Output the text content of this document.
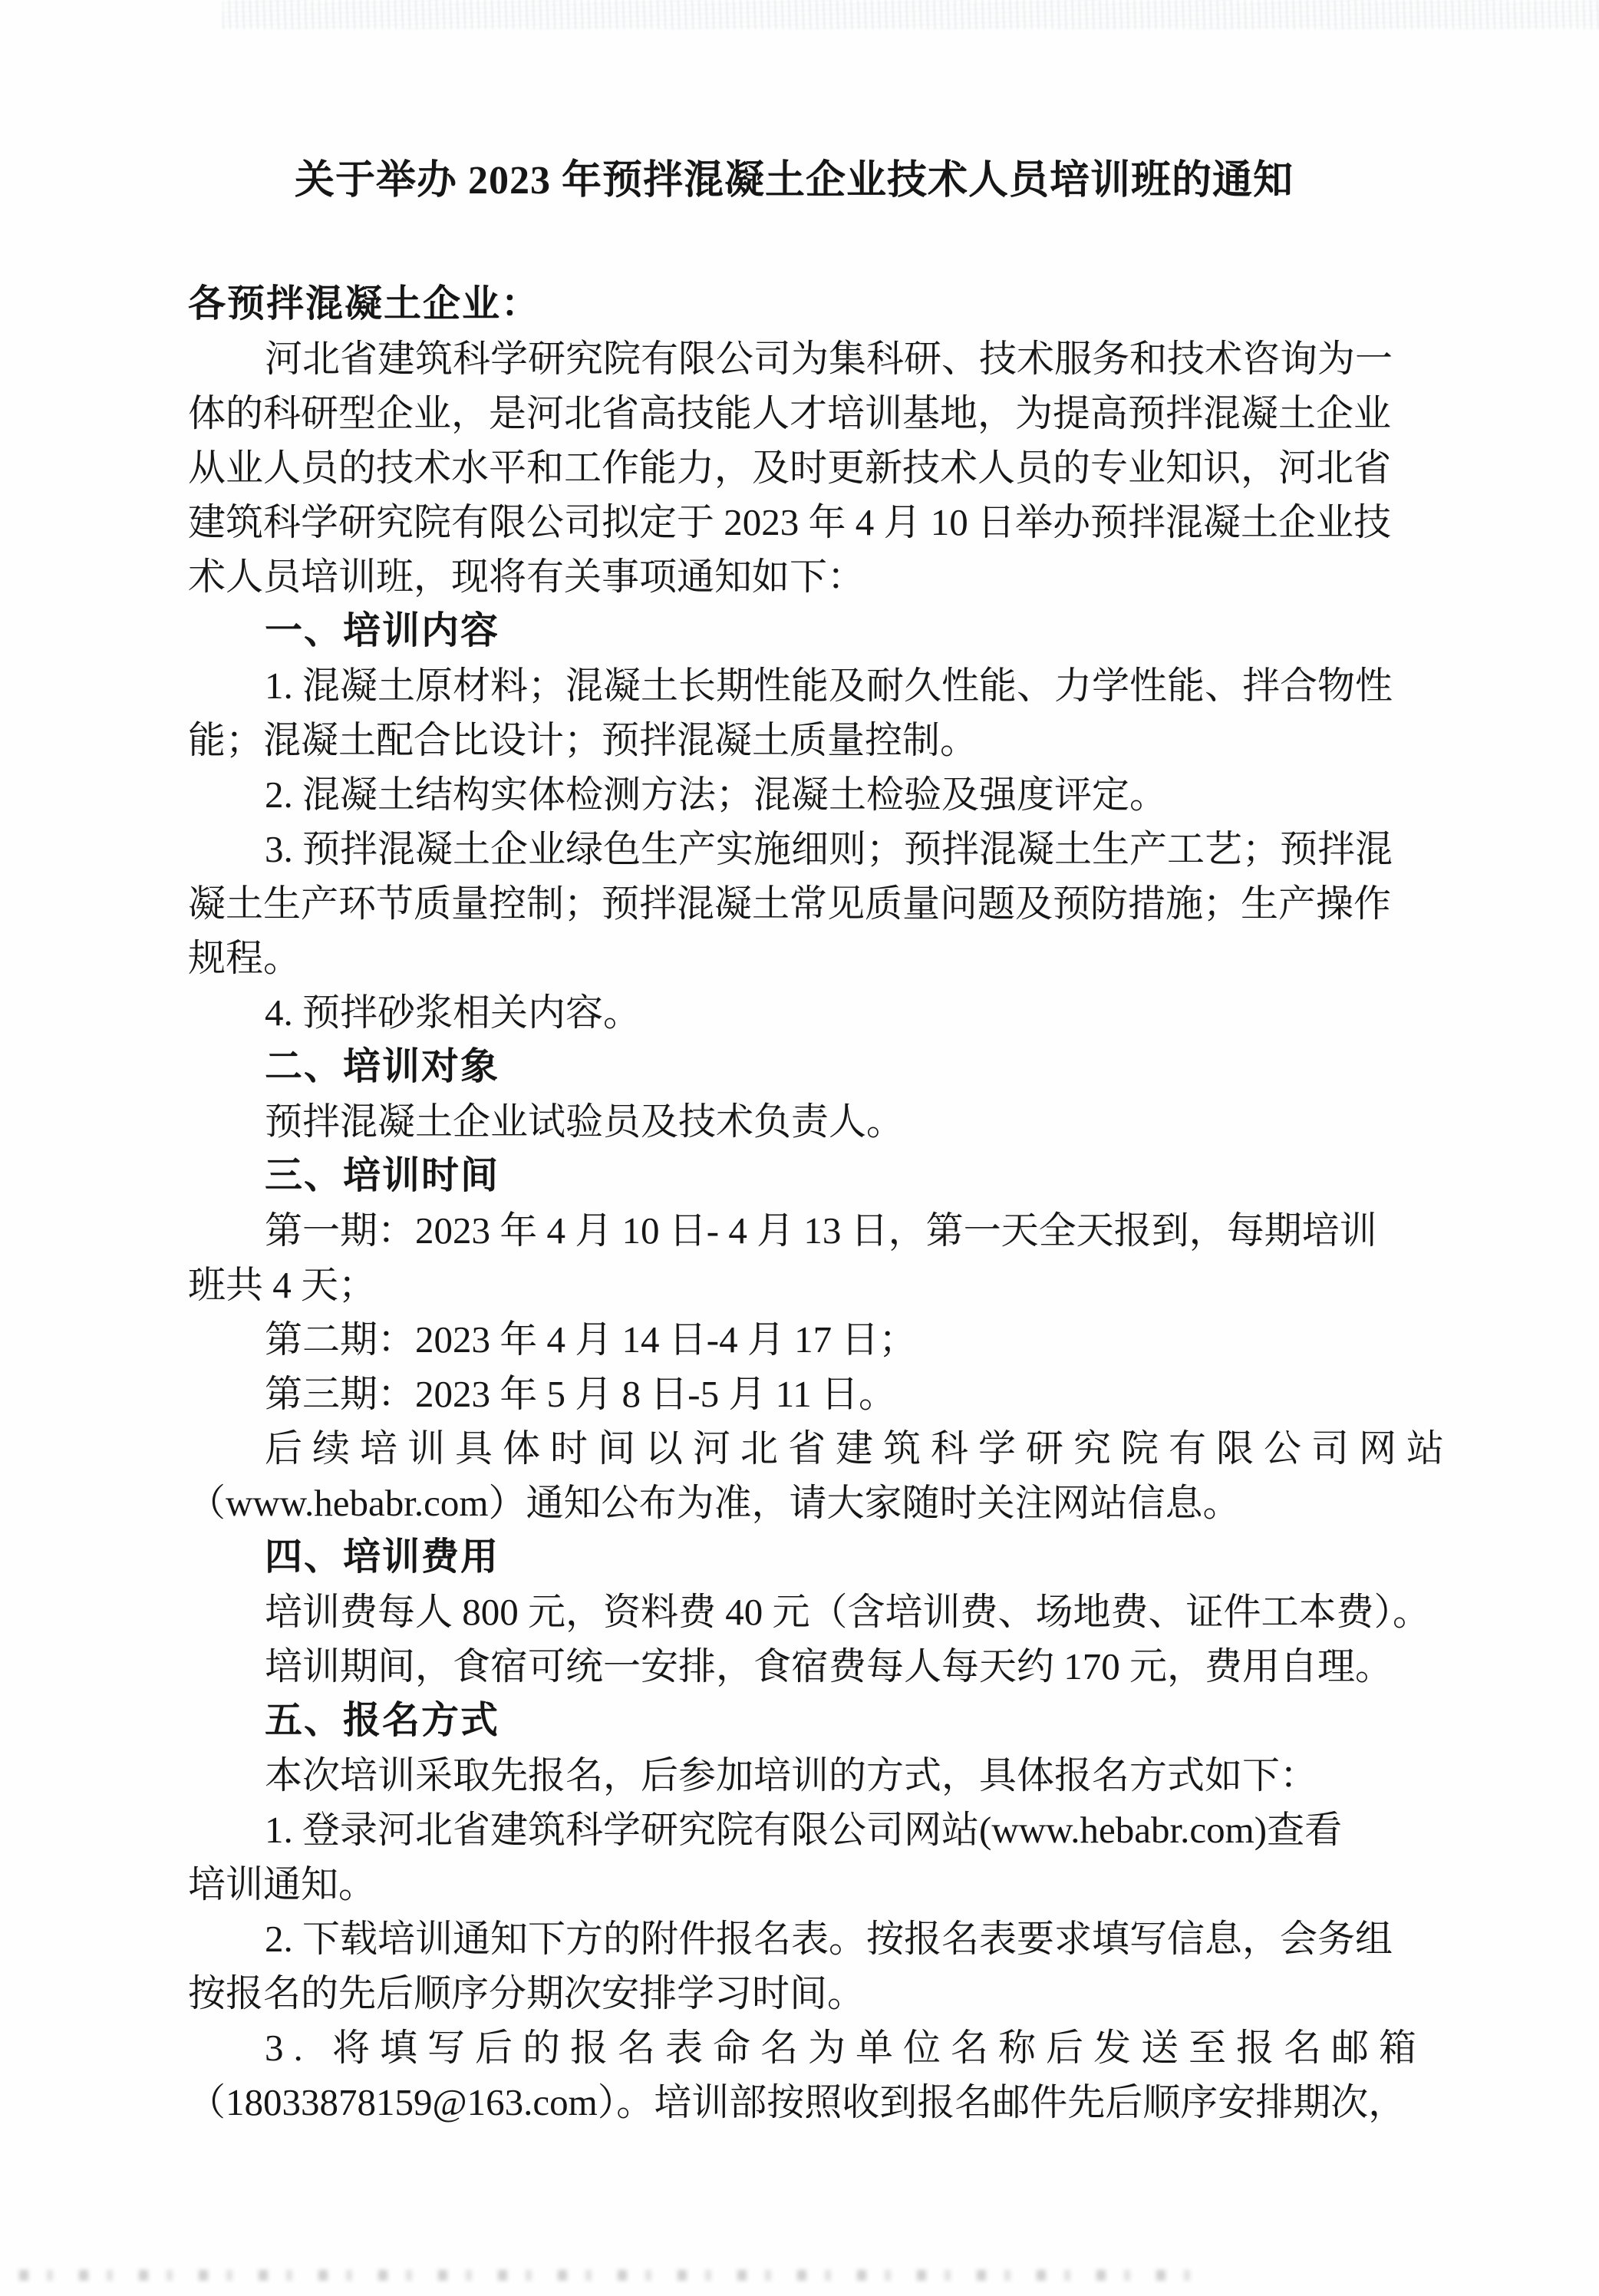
关于举办 2023 年预拌混凝土企业技术人员培训班的通知
各预拌混凝土企业：
河北省建筑科学研究院有限公司为集科研、技术服务和技术咨询为一
体的科研型企业，是河北省高技能人才培训基地，为提高预拌混凝土企业
从业人员的技术水平和工作能力，及时更新技术人员的专业知识，河北省
建筑科学研究院有限公司拟定于 2023 年 4 月 10 日举办预拌混凝土企业技
术人员培训班，现将有关事项通知如下：
一、培训内容
1. 混凝土原材料；混凝土长期性能及耐久性能、力学性能、拌合物性
能；混凝土配合比设计；预拌混凝土质量控制。
2. 混凝土结构实体检测方法；混凝土检验及强度评定。
3. 预拌混凝土企业绿色生产实施细则；预拌混凝土生产工艺；预拌混
凝土生产环节质量控制；预拌混凝土常见质量问题及预防措施；生产操作
规程。
4. 预拌砂浆相关内容。
二、培训对象
预拌混凝土企业试验员及技术负责人。
三、培训时间
第一期：2023 年 4 月 10 日- 4 月 13 日，第一天全天报到，每期培训
班共 4 天；
第二期：2023 年 4 月 14 日-4 月 17 日；
第三期：2023 年 5 月 8 日-5 月 11 日。
后续培训具体时间以河北省建筑科学研究院有限公司网站
（www.hebabr.com）通知公布为准，请大家随时关注网站信息。
四、培训费用
培训费每人 800 元，资料费 40 元（含培训费、场地费、证件工本费）。
培训期间，食宿可统一安排，食宿费每人每天约 170 元，费用自理。
五、报名方式
本次培训采取先报名，后参加培训的方式，具体报名方式如下：
1. 登录河北省建筑科学研究院有限公司网站(www.hebabr.com)查看
培训通知。
2. 下载培训通知下方的附件报名表。按报名表要求填写信息，会务组
按报名的先后顺序分期次安排学习时间。
3. 将填写后的报名表命名为单位名称后发送至报名邮箱
（18033878159@163.com）。培训部按照收到报名邮件先后顺序安排期次，
